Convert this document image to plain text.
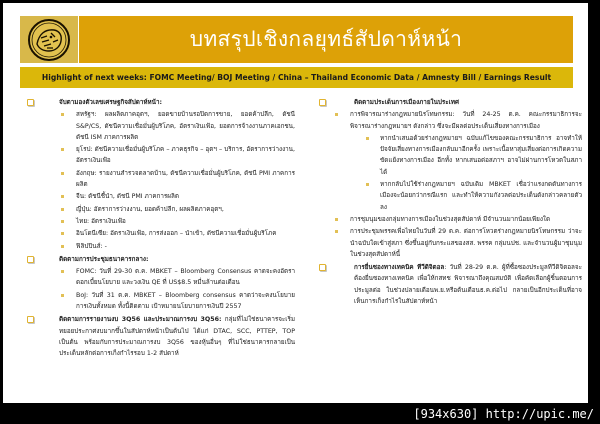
บทสรุปเชิงกลยุทธ์สัปดาห์หน้า
Highlight of next weeks: FOMC Meeting/ BOJ Meeting / China – Thailand Economic Data / Amnesty Bill / Earnings Result
จับตามองตัวเลขเศรษฐกิจสัปดาห์หน้า:
สหรัฐฯ: ผลผลิตภาคอุตฯ, ยอดขายบ้านรอปิดการขาย, ยอดค้าปลีก, ดัชนี S&P/CS, ดัชนีความเชื่อมั่นผู้บริโภค, อัตราเงินเฟ้อ, ยอดการจ้างงานภาคเอกชน, ดัชนี ISM ภาคการผลิต
ยุโรป: ดัชนีความเชื่อมั่นผู้บริโภค – ภาคธุรกิจ – อุตฯ – บริการ, อัตราการว่างงาน, อัตราเงินเฟ้อ
อังกฤษ: รายงานสำรวจตลาดบ้าน, ดัชนีความเชื่อมั่นผู้บริโภค, ดัชนี PMI ภาคการผลิต
จีน: ดัชนีชี้นำ, ดัชนี PMI ภาคการผลิต
ญี่ปุ่น: อัตราการว่างงาน, ยอดค้าปลีก, ผลผลิตภาคอุตฯ,
ไทย: อัตราเงินเฟ้อ
อินโดนีเซีย: อัตราเงินเฟ้อ, การส่งออก – นำเข้า, ดัชนีความเชื่อมั่นผู้บริโภค
ฟิลิปปินส์: -
ติดตามการประชุมธนาคารกลาง:
FOMC: วันที่ 29-30 ต.ค. MBKET – Bloomberg Consensus คาดจะคงอัตราดอกเบี้ยนโยบาย และวงเงิน QE ที่ US$8.5 หมื่นล้านต่อเดือน
BoJ: วันที่ 31 ต.ค. MBKET – Bloomberg consensus คาดว่าจะคงนโยบายการเงินทั้งหมด ทั้งนี้ติดตาม เป้าหมายนโยบายการเงินปี 2557
ติดตามการรายงานงบ 3Q56 และประมาณการงบ 3Q56: กลุ่มที่ไม่ใช่ธนาคารจะเริ่มทยอยประกาศงบมากขึ้นในสัปดาห์หน้าเป็นต้นไป ได้แก่ DTAC, SCC, PTTEP, TOP เป็นต้น พร้อมกับการประมาณการงบ 3Q56 ของหุ้นอื่นๆ ที่ไม่ใช่ธนาคารกลายเป็นประเด็นหลักต่อการเก็งกำไรรอบ 1-2 สัปดาห์
ติดตามประเด็นการเมืองภายในประเทศ
การพิจารณาร่างกฎหมายนิรโทษกรรม: วันที่ 24-25 ต.ค. คณะกรรมาธิการจะพิจารณาร่างกฎหมายฯ ดังกล่าว ซึ่งจะมีผลต่อประเด็นเสี่ยงทางการเมือง
หากนำเสนอด้วยร่างกฎหมายฯ ฉบับแก้ไขของคณะกรรมาธิการ อาจทำให้ปัจจัยเสี่ยงทางการเมืองกลับมาอีกครั้ง เพราะเนื้อหาสุ่มเสี่ยงต่อการเกิดความขัดแย้งทางการเมือง อีกทั้ง หากเสนอต่อสภาฯ อาจไม่ผ่านการโหวตในสภาได้
หากกลับไปใช้ร่างกฎหมายฯ ฉบับเดิม MBKET เชื่อว่าแรงกดดันทางการเมืองจะน้อยกว่ากรณีแรก และทำให้ความกังวลต่อประเด็นดังกล่าวคลายตัวลง
การชุมนุมของกลุ่มทางการเมืองในช่วงสุดสัปดาห์ มีจำนวนมากน้อยเพียงใด
การประชุมพรรคเพื่อไทยในวันที่ 29 ต.ค. ต่อการโหวตร่างกฎหมายนิรโทษกรรม ว่าจะนำฉบับใดเข้าสู่สภา ซึ่งขึ้นอยู่กับกระแสของสส. พรรค กลุ่มนปช. และจำนวนผู้มาชุมนุมในช่วงสุดสัปดาห์นี้
การยื่นซองทางเทคนิค ทีวีดิจิตอล: วันที่ 28-29 ต.ค. ผู้ที่ซื้อซองประมูลทีวีดิจิตอลจะต้องยื่นซองทางเทคนิค เพื่อให้กสทช พิจารณาถึงคุณสมบัติ เพื่อคัดเลือกผู้ชิ้นตอนการประมูลต่อ ในช่วงปลายเดือนพ.ย.หรือต้นเดือนธ.ค.ต่อไป กลายเป็นอีกประเด็นที่อาจเห็นการเก็งกำไรในสัปดาห์หน้า
[934x630] http://upic.me/
